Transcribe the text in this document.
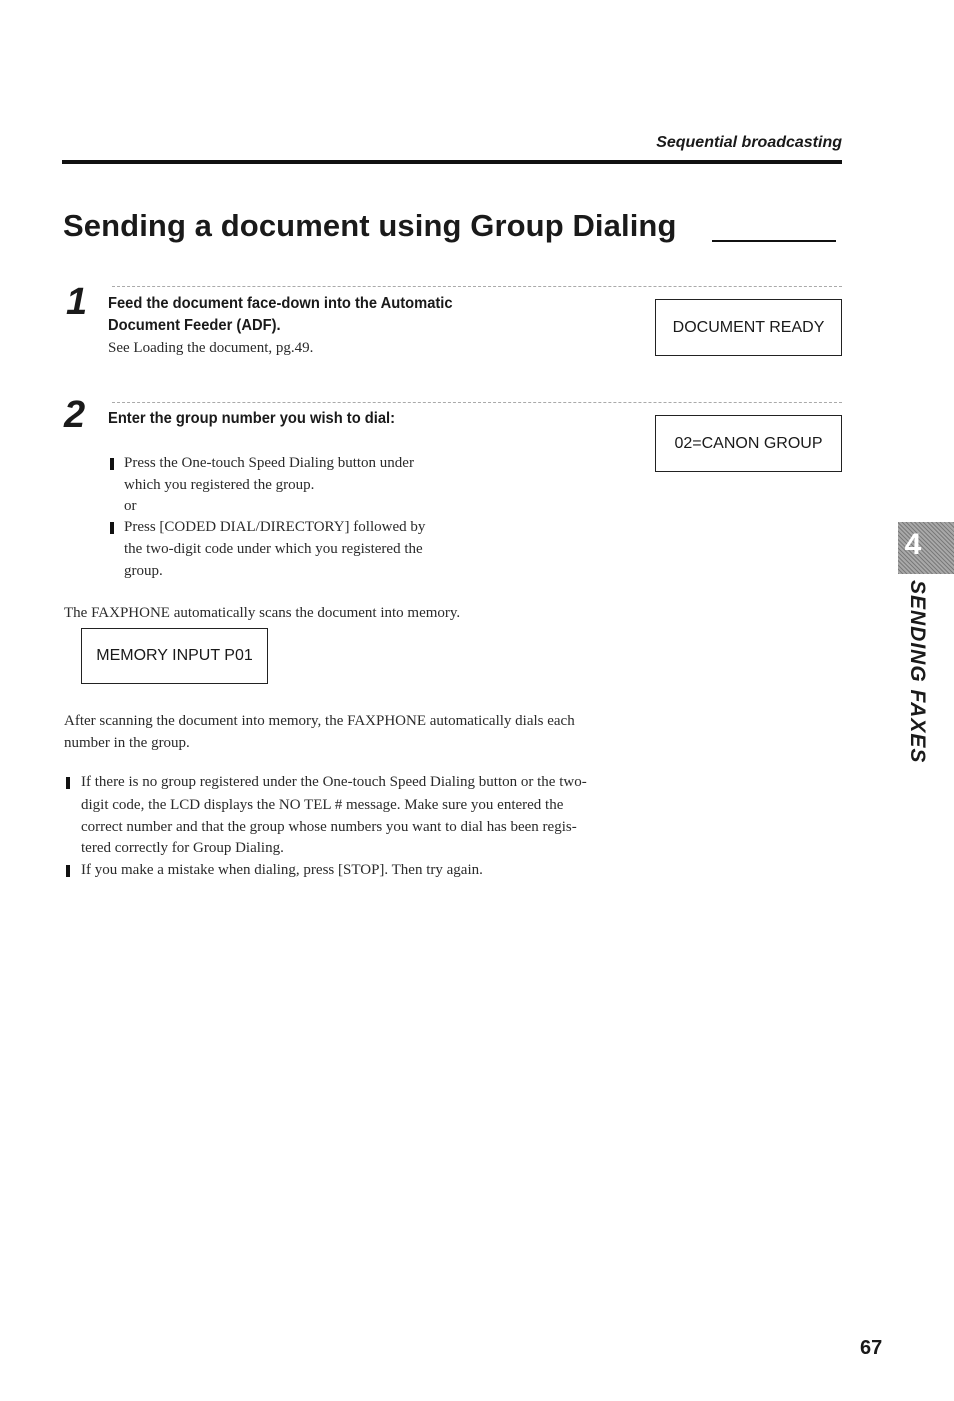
Sequential broadcasting
Sending a document using Group Dialing
1 Feed the document face-down into the Automatic
Document Feeder (ADF).
See Loading the document, pg.49.
DOCUMENT READY
2 Enter the group number you wish to dial:
02=CANON GROUP
Press the One-touch Speed Dialing button under
which you registered the group.
or
Press [CODED DIAL/DIRECTORY] followed by
the two-digit code under which you registered the
group.
The FAXPHONE automatically scans the document into memory.
MEMORY INPUT P01
After scanning the document into memory, the FAXPHONE automatically dials each
number in the group.
If there is no group registered under the One-touch Speed Dialing button or the two-
digit code, the LCD displays the NO TEL # message. Make sure you entered the
correct number and that the group whose numbers you want to dial has been regis-
tered correctly for Group Dialing.
If you make a mistake when dialing, press [STOP]. Then try again.
4
SENDING FAXES
67
